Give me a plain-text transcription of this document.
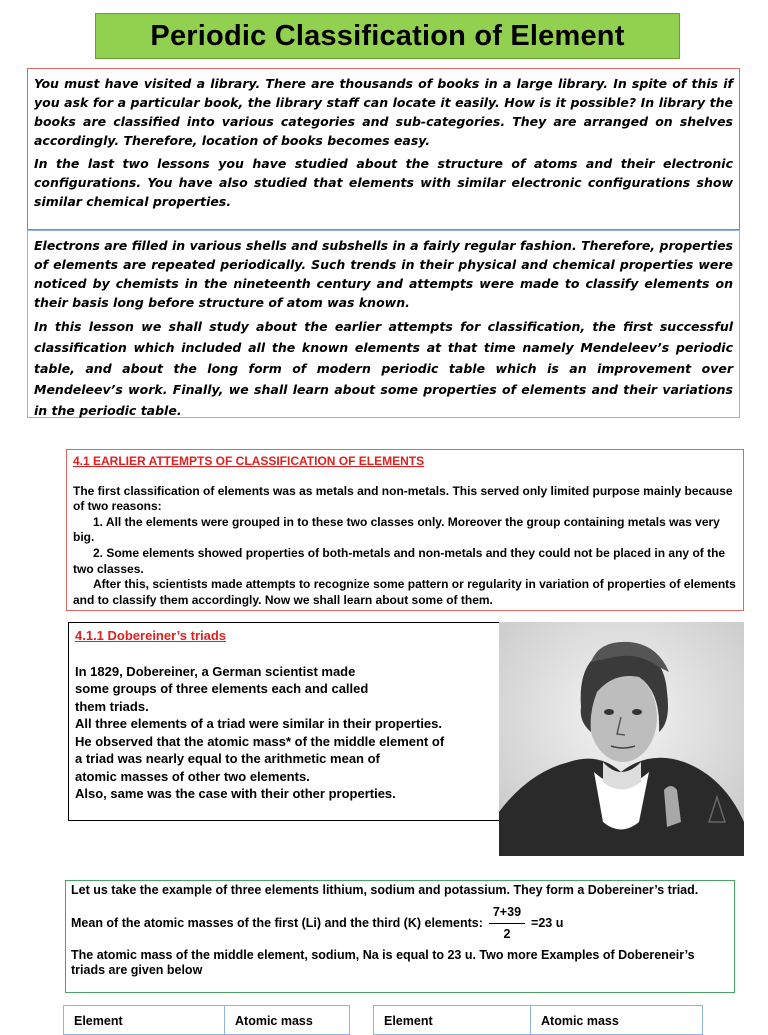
Periodic Classification of Element

You must have visited a library. There are thousands of books in a large library. In spite of this if you ask for a particular book, the library staff can locate it easily. How is it possible? In library the books are classified into various categories and sub-categories. They are arranged on shelves accordingly. Therefore, location of books becomes easy.

In the last two lessons you have studied about the structure of atoms and their electronic configurations. You have also studied that elements with similar electronic configurations show similar chemical properties.

Electrons are filled in various shells and subshells in a fairly regular fashion. Therefore, properties of elements are repeated periodically. Such trends in their physical and chemical properties were noticed by chemists in the nineteenth century and attempts were made to classify elements on their basis long before structure of atom was known.

In this lesson we shall study about the earlier attempts for classification, the first successful classification which included all the known elements at that time namely Mendeleev’s periodic table, and about the long form of modern periodic table which is an improvement over Mendeleev’s work. Finally, we shall learn about some properties of elements and their variations in the periodic table.

4.1 EARLIER ATTEMPTS OF CLASSIFICATION OF ELEMENTS

The first classification of elements was as metals and non-metals. This served only limited purpose mainly because of two reasons:

1. All the elements were grouped in to these two classes only. Moreover the group containing metals was very big.

2. Some elements showed properties of both-metals and non-metals and they could not be placed in any of the two classes.

After this, scientists made attempts to recognize some pattern or regularity in variation of properties of elements and to classify them accordingly. Now we shall learn about some of them.

4.1.1 Dobereiner’s triads

In 1829, Dobereiner, a German scientist made

some groups of three elements each and called

them triads.

All three elements of a triad were similar in their properties.

He observed that the atomic mass* of the middle element of

a triad was nearly equal to the arithmetic mean of

atomic masses of other two elements.

Also, same was the case with their other properties.

Let us take the example of three elements lithium, sodium and potassium. They form a Dobereiner’s triad.

Mean of the atomic masses of the first (Li) and the third (K) elements: $\frac{7+39}{2} =23$ u

The atomic mass of the middle element, sodium, Na is equal to 23 u. Two more Examples of Dobereneir’s triads are given below

Element	Atomic mass	Element	Atomic mass
